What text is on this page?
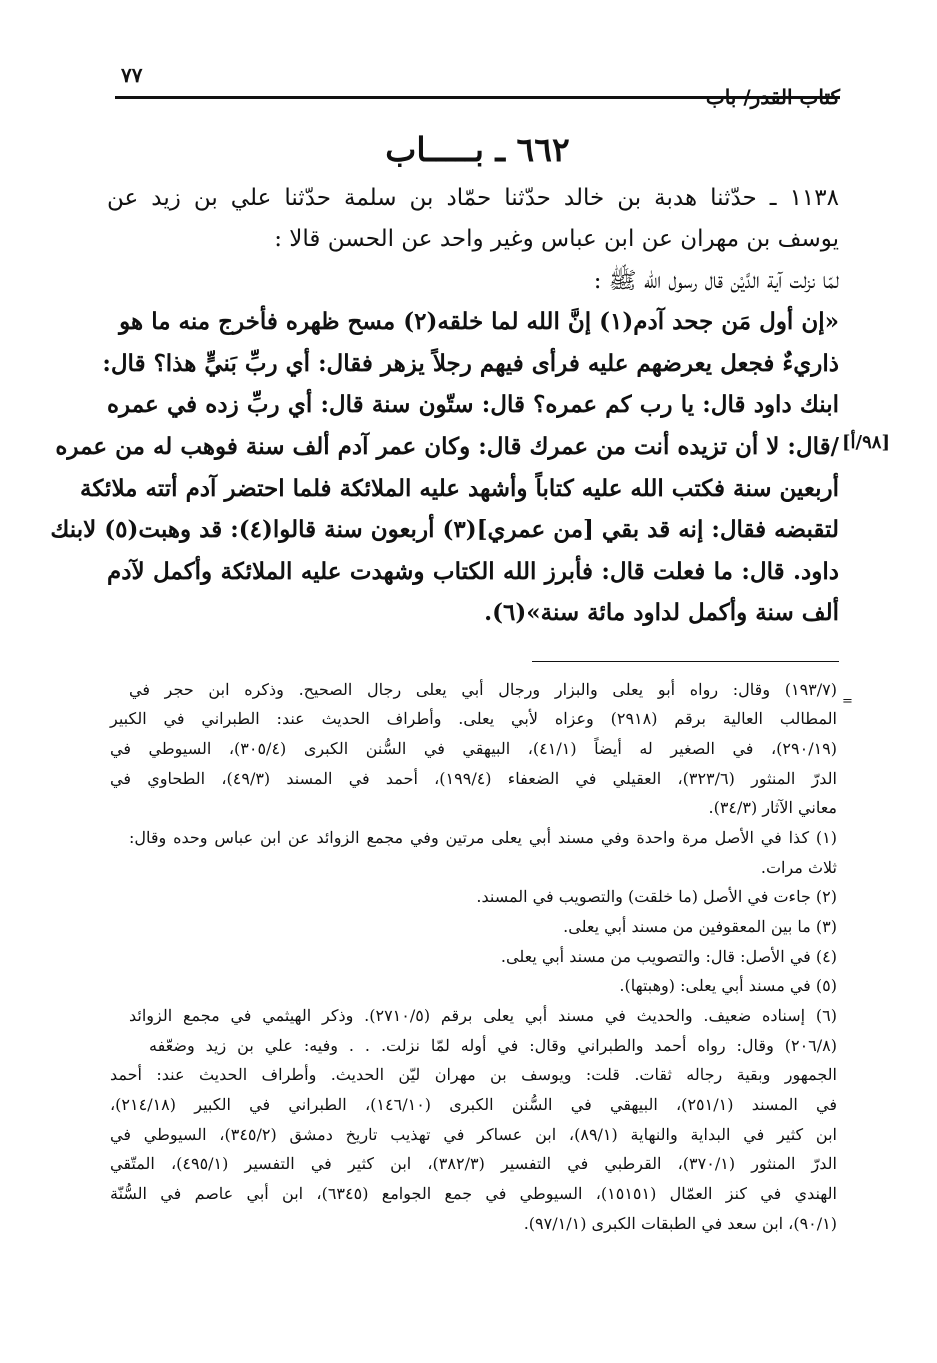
٧٧
كتاب القدر/ باب
٦٦٢ ـ بـــــاب
١١٣٨ ـ حدّثنا هدبة بن خالد حدّثنا حمّاد بن سلمة حدّثنا علي بن زيد عن
يوسف بن مهران عن ابن عباس وغير واحد عن الحسن قالا :
لمّا نزلت آية الدَّيْن قال رسول الله ﷺ :
«إن أول مَن جحد آدم(١) إنَّ الله لما خلقه(٢) مسح ظهره فأخرج منه ما هو
ذاريءٌ فجعل يعرضهم عليه فرأى فيهم رجلاً يزهر فقال: أي ربِّ بَنيٍّ هذا؟ قال:
ابنك داود قال: يا رب كم عمره؟ قال: ستّون سنة قال: أي ربِّ زده في عمره
/قال: لا أن تزيده أنت من عمرك قال: وكان عمر آدم ألف سنة فوهب له من عمره
أربعين سنة فكتب الله عليه كتاباً وأشهد عليه الملائكة فلما احتضر آدم أتته ملائكة
لتقبضه فقال: إنه قد بقي [من عمري](٣) أربعون سنة قالوا(٤): قد وهبت(٥) لابنك
داود. قال: ما فعلت قال: فأبرز الله الكتاب وشهدت عليه الملائكة وأكمل لآدم
ألف سنة وأكمل لداود مائة سنة»(٦).
[٩٨/أ]
=
(١٩٣/٧) وقال: رواه أبو يعلى والبزار ورجال أبي يعلى رجال الصحيح. وذكره ابن حجر في
المطالب العالية برقم (٢٩١٨) وعزاه لأبي يعلى. وأطراف الحديث عند: الطبراني في الكبير
(٢٩٠/١٩)، في الصغير له أيضاً (٤١/١)، البيهقي في السُّنن الكبرى (٣٠٥/٤)، السيوطي في
الدرّ المنثور (٣٢٣/٦)، العقيلي في الضعفاء (١٩٩/٤)، أحمد في المسند (٤٩/٣)، الطحاوي في
معاني الآثار (٣٤/٣).
(١) كذا في الأصل مرة واحدة وفي مسند أبي يعلى مرتين وفي مجمع الزوائد عن ابن عباس وحده وقال:
ثلاث مرات.
(٢) جاءت في الأصل (ما خلقت) والتصويب في المسند.
(٣) ما بين المعقوفين من مسند أبي يعلى.
(٤) في الأصل: قال: والتصويب من مسند أبي يعلى.
(٥) في مسند أبي يعلى: (وهبتها).
(٦) إسناده ضعيف. والحديث في مسند أبي يعلى برقم (٢٧١٠/٥). وذكر الهيثمي في مجمع الزوائد
(٢٠٦/٨) وقال: رواه أحمد والطبراني وقال: في أوله لمّا نزلت. . . وفيه: علي بن زيد وضعّفه
الجمهور وبقية رجاله ثقات. قلت: ويوسف بن مهران ليّن الحديث. وأطراف الحديث عند: أحمد
في المسند (٢٥١/١)، البيهقي في السُّنن الكبرى (١٤٦/١٠)، الطبراني في الكبير (٢١٤/١٨)،
ابن كثير في البداية والنهاية (٨٩/١)، ابن عساكر في تهذيب تاريخ دمشق (٣٤٥/٢)، السيوطي في
الدرّ المنثور (٣٧٠/١)، القرطبي في التفسير (٣٨٢/٣)، ابن كثير في التفسير (٤٩٥/١)، المتّقي
الهندي في كنز العمّال (١٥١٥١)، السيوطي في جمع الجوامع (٦٣٤٥)، ابن أبي عاصم في السُّنّة
(٩٠/١)، ابن سعد في الطبقات الكبرى (٩٧/١/١).
